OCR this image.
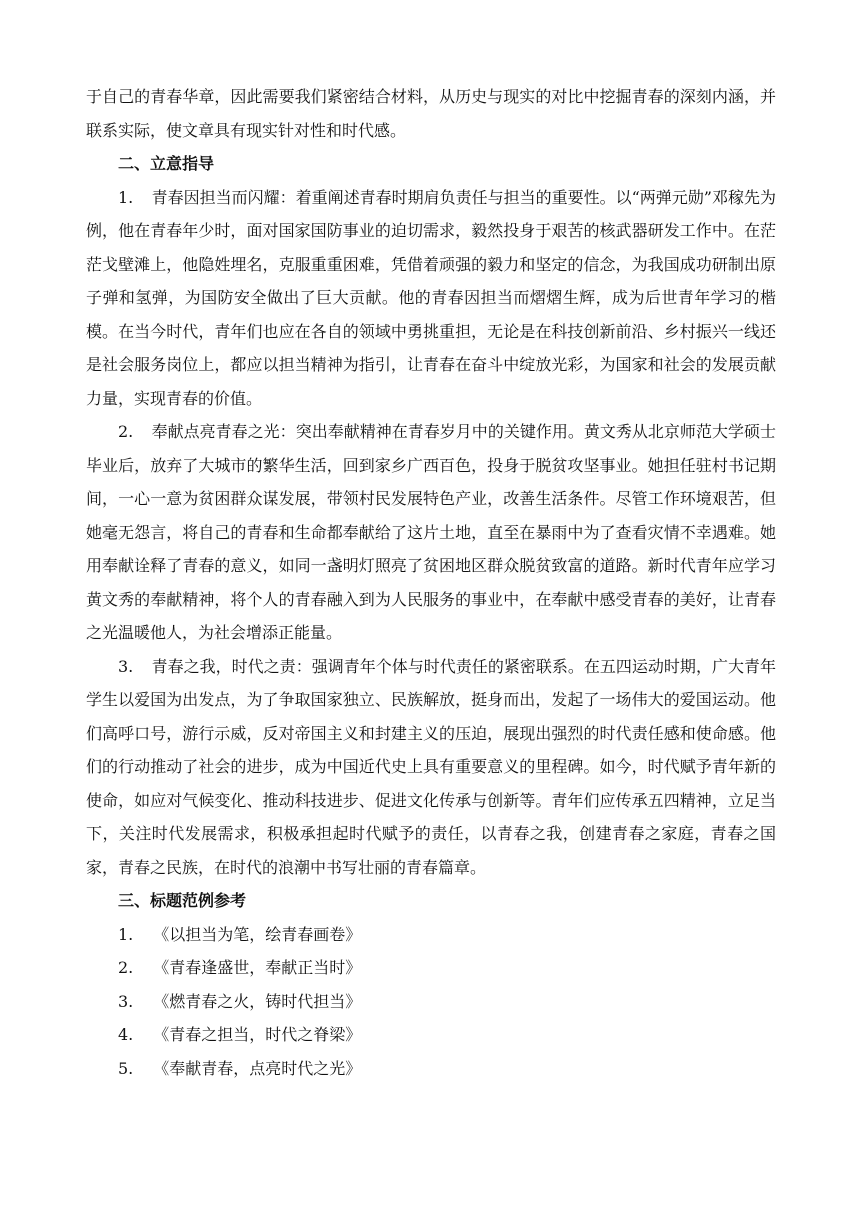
于自己的青春华章，因此需要我们紧密结合材料，从历史与现实的对比中挖掘青春的深刻内涵，并联系实际，使文章具有现实针对性和时代感。

二、立意指导

1. 青春因担当而闪耀：着重阐述青春时期肩负责任与担当的重要性。以“两弹元勋”邓稼先为例，他在青春年少时，面对国家国防事业的迫切需求，毅然投身于艰苦的核武器研发工作中。在茫茫戈壁滩上，他隐姓埋名，克服重重困难，凭借着顽强的毅力和坚定的信念，为我国成功研制出原子弹和氢弹，为国防安全做出了巨大贡献。他的青春因担当而熠熠生辉，成为后世青年学习的楷模。在当今时代，青年们也应在各自的领域中勇挑重担，无论是在科技创新前沿、乡村振兴一线还是社会服务岗位上，都应以担当精神为指引，让青春在奋斗中绽放光彩，为国家和社会的发展贡献力量，实现青春的价值。

2. 奉献点亮青春之光：突出奉献精神在青春岁月中的关键作用。黄文秀从北京师范大学硕士毕业后，放弃了大城市的繁华生活，回到家乡广西百色，投身于脱贫攻坚事业。她担任驻村书记期间，一心一意为贫困群众谋发展，带领村民发展特色产业，改善生活条件。尽管工作环境艰苦，但她毫无怨言，将自己的青春和生命都奉献给了这片土地，直至在暴雨中为了查看灾情不幸遇难。她用奉献诠释了青春的意义，如同一盏明灯照亮了贫困地区群众脱贫致富的道路。新时代青年应学习黄文秀的奉献精神，将个人的青春融入到为人民服务的事业中，在奉献中感受青春的美好，让青春之光温暖他人，为社会增添正能量。

3. 青春之我，时代之责：强调青年个体与时代责任的紧密联系。在五四运动时期，广大青年学生以爱国为出发点，为了争取国家独立、民族解放，挺身而出，发起了一场伟大的爱国运动。他们高呼口号，游行示威，反对帝国主义和封建主义的压迫，展现出强烈的时代责任感和使命感。他们的行动推动了社会的进步，成为中国近代史上具有重要意义的里程碑。如今，时代赋予青年新的使命，如应对气候变化、推动科技进步、促进文化传承与创新等。青年们应传承五四精神，立足当下，关注时代发展需求，积极承担起时代赋予的责任，以青春之我，创建青春之家庭，青春之国家，青春之民族，在时代的浪潮中书写壮丽的青春篇章。

三、标题范例参考

1. 《以担当为笔，绘青春画卷》

2. 《青春逢盛世，奉献正当时》

3. 《燃青春之火，铸时代担当》

4. 《青春之担当，时代之脊梁》

5. 《奉献青春，点亮时代之光》
